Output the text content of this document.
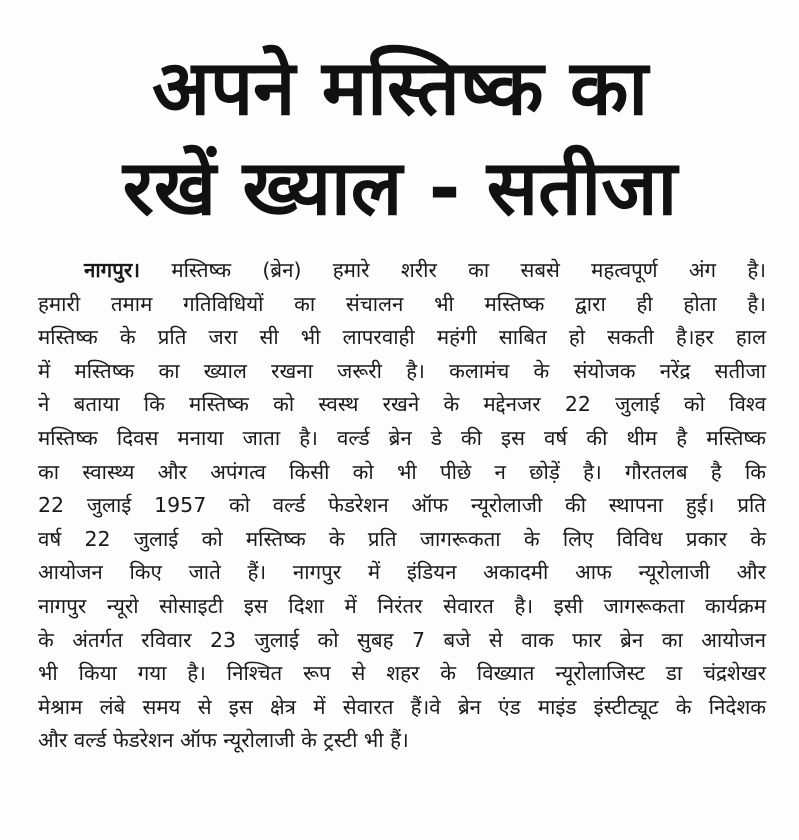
अपने मस्तिष्क का
रखें ख्याल - सतीजा
नागपुर। मस्तिष्क (ब्रेन) हमारे शरीर का सबसे महत्वपूर्ण अंग है।
हमारी तमाम गतिविधियों का संचालन भी मस्तिष्क द्वारा ही होता है।
मस्तिष्क के प्रति जरा सी भी लापरवाही महंगी साबित हो सकती है।हर हाल
में मस्तिष्क का ख्याल रखना जरूरी है। कलामंच के संयोजक नरेंद्र सतीजा
ने बताया कि मस्तिष्क को स्वस्थ रखने के मद्देनजर 22 जुलाई को विश्व
मस्तिष्क दिवस मनाया जाता है। वर्ल्ड ब्रेन डे की इस वर्ष की थीम है मस्तिष्क
का स्वास्थ्य और अपंगत्व किसी को भी पीछे न छोड़ें है। गौरतलब है कि
22 जुलाई 1957 को वर्ल्ड फेडरेशन ऑफ न्यूरोलाजी की स्थापना हुई। प्रति
वर्ष 22 जुलाई को मस्तिष्क के प्रति जागरूकता के लिए विविध प्रकार के
आयोजन किए जाते हैं। नागपुर में इंडियन अकादमी आफ न्यूरोलाजी और
नागपुर न्यूरो सोसाइटी इस दिशा में निरंतर सेवारत है। इसी जागरूकता कार्यक्रम
के अंतर्गत रविवार 23 जुलाई को सुबह 7 बजे से वाक फार ब्रेन का आयोजन
भी किया गया है। निश्चित रूप से शहर के विख्यात न्यूरोलाजिस्ट डा चंद्रशेखर
मेश्राम लंबे समय से इस क्षेत्र में सेवारत हैं।वे ब्रेन एंड माइंड इंस्टीट्यूट के निदेशक
और वर्ल्ड फेडरेशन ऑफ न्यूरोलाजी के ट्रस्टी भी हैं।
